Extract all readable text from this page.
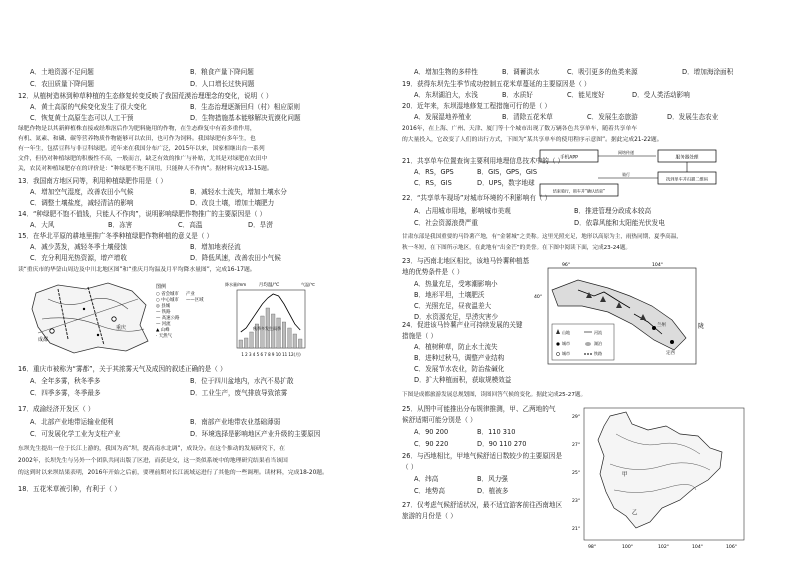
A．土地资源不足问题	B．粮食产量下降问题
C．农田质量下降问题	D．人口增长过快问题
12．从植树造林到种草种植的生态修复转变反映了我国荒漠治理理念的变化，说明（ ）
A．黄土高原的气候变化发生了很大变化	B．生态治理逐渐回归（村）相应原则
C．恢复黄土高原生态可以人工干预	D．生物措施基本能够解决荒漠化问题
绿肥作物是以其新鲜植株直接或经堆沤后作为肥料施用的作物，在生态修复中有着多重作用，
有机、氮素、和磷、碳等营养物质作物能够可以农田，也可作为饲料。我国绿肥有多年生，也
有一年生，包括豆科与非豆科绿肥。近年来在我国分布广泛，2015年以来，国家相继出台一系列
文件，但仍对种植绿肥的积极性不高，一般而言，缺乏有效的推广与补贴，尤其是对绿肥在农田中
关，农民对种植绿肥存在的评价是：“种绿肥不饱不顶用，只能种人不作肉”。据材料完成13-15题。
13．我国南方地区同等，利用种植绿肥作用是（ ）
A．增加空气湿度，改善农田小气候	B．减轻水土流失，增加土壤水分
C．调整土壤盐度，减轻清洁的影响	D．改良土壤，增加土壤肥力
14．“种绿肥不饱不值钱，只能人不作肉”，说明影响绿肥作物推广的主要原因是（ ）
A．大风	B．冻害	C．高温	D．旱涝
15．在华北平原的耕地里推广冬季种植绿肥作物种植的意义是（ ）
A．减少蒸发，减轻冬季土壤侵蚀	B．增加地表径流
C．充分利用光热资源，增产增收	D．降低风速，改善农田小气候
读“重庆市的华蓥山周边及中川北地区图”和“重庆月均温及月平均降水量图”，完成16-17题。
成都
重庆
图例
○ 省会城市
○ 中心城市
◎ 县城
— 铁路
— 高速公路
— 河流
▲ 山峰
· 天然气
产业
——区域
月均温/℃
降水量/mm	气温/℃
秋季多发生雨季
1 2 3 4 5 6 7 8 9 10 11 12(月)
16．重庆市被称为“雾都”，关于其浓雾天气及成因的叙述正确的是（ ）
A．全年多雾，秋冬季多	B．位于四川盆地内，水汽不易扩散
C．四季多雾，冬季最多	D．工业生产，废气排放导致浓雾
17．成渝经济开发区（ ）
A．北部产业地带运输业便利	B．南部产业地带农业基础薄弱
C．可发展化学工业为支柱产业	D．环境选择是影响地区产业升级的主要原因
东坝先生提出一位于长江上游的，我国为高“坝，提高南水北调”，成设分。在这个推动的发展研究下，在
2002年，长坝先生与另外一个团队共同出版了区进，而获是交，这一类似系统中的地理研究结果看当该国
的这到时以来坝结果表明，2016年开始之后前，要理前期对长江流域运进行了其他的一些调理。读材料，完成18-20题。
18．五花米草被引种，有利于（ ）
A．增加生物的多样性	B．调蓄洪水	C．吸引更多的鱼类来源	D．增加海涂面积
19．获得东坝先生季节成功控制五花米草蔓延的主要原因是（ ）
A．东坝湖泊大，水浅	B．水质好	C．能见度好	D．受人类活动影响
20．近年来，东坝湿地修复工程措施可行的是（ ）
A．发展湿地养殖业	B．清除五花米草	C．发展生态旅游	D．发展生态农业
2016年，在上海、广州、天津、厦门等十个城市出现了数万辆各色共享单车，随着共享单车
的大量投入，它改变了人们的出行方式，下图为“某共享单车的使用程序示意图”。据此完成21-22题。
手机APP
网络传递
服务器处理
找到单车并扫描二维码
骑行
结束骑行，锁车并“确认结束”
21．共享单车位置查询主要利用地理信息技术中的（ ）
A．RS，GPS	B．GIS，GPS，GIS
C．RS，GIS	D．UPS，数字地球
22．“共享单车现场”对城市环境的不利影响有（ ）
A．占用城市用地，影响城市美观	B．推进管理分政成本较高
C．社会资源浪费严重	D．依靠风能和太阳能光伏发电
甘肃东部是我国重要的马铃薯产地，有“金薯城”之美称。这里光照充足，地形以高原为主，雨热同期，夏季高温，
秋一冬短，在下图所示地区，在此地有“出金芒”的美誉。在下图中阅读下面，完成23-24题。
23．与西南北地区相比，该地马铃薯种植基地的优势条件是（ ）
A．热量充足，受寒潮影响小
B．地形平坦，土壤肥沃
C．光照充足，昼夜温差大
D．水资源充足，旱涝灾害少
96°	104°
40°
兰州
定西
陇
山地	河流
城市	湖泊
城市	铁路
24．促进该马铃薯产业可持续发展的关键措施是（ ）
A．植树种草，防止水土流失
B．进种过秋马，调整产业结构
C．发展节水农业，防治盐碱化
D．扩大种植面积，获取规模效益
下图是成都旅游发展总规划图，读图回答气候的变化。据此完成25-27题。
25．从图中可能推出分布规律推测，甲、乙两地的气候舒适期可能分别是（ ）
A．90 200	B．110 310
C．90 220	D．90 110 270
26．与西地相比，甲地气候舒适日数较少的主要原因是（ ）
A．纬高	B．风力强
C．地势高	D．植被多
27．仅考虑气候舒适状况，最不适宜游客前往西南地区旅游的月份是（ ）
29°
27°
25°
23°
21°
98°	100°	102°	104°	106°
甲
乙
